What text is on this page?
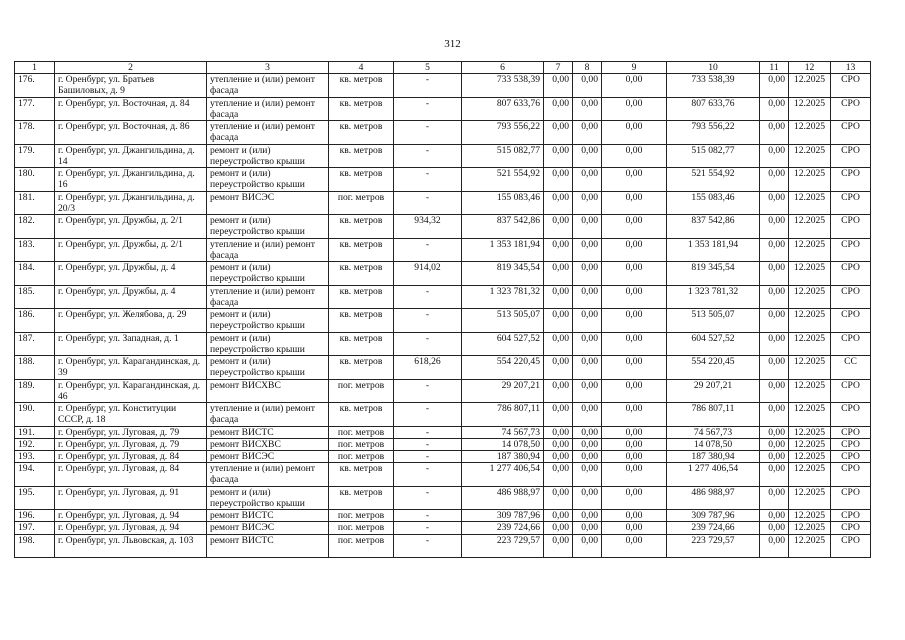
312
1	2	3	4	5	6	7	8	9	10	11	12	13
176.	г. Оренбург, ул. Братьев Башиловых, д. 9	утепление и (или) ремонт фасада	кв. метров	-	733 538,39	0,00	0,00	0,00	733 538,39	0,00	12.2025	СРО
177.	г. Оренбург, ул. Восточная, д. 84	утепление и (или) ремонт фасада	кв. метров	-	807 633,76	0,00	0,00	0,00	807 633,76	0,00	12.2025	СРО
178.	г. Оренбург, ул. Восточная, д. 86	утепление и (или) ремонт фасада	кв. метров	-	793 556,22	0,00	0,00	0,00	793 556,22	0,00	12.2025	СРО
179.	г. Оренбург, ул. Джангильдина, д. 14	ремонт и (или) переустройство крыши	кв. метров	-	515 082,77	0,00	0,00	0,00	515 082,77	0,00	12.2025	СРО
180.	г. Оренбург, ул. Джангильдина, д. 16	ремонт и (или) переустройство крыши	кв. метров	-	521 554,92	0,00	0,00	0,00	521 554,92	0,00	12.2025	СРО
181.	г. Оренбург, ул. Джангильдина, д. 20/3	ремонт ВИСЭС	пог. метров	-	155 083,46	0,00	0,00	0,00	155 083,46	0,00	12.2025	СРО
182.	г. Оренбург, ул. Дружбы, д. 2/1	ремонт и (или) переустройство крыши	кв. метров	934,32	837 542,86	0,00	0,00	0,00	837 542,86	0,00	12.2025	СРО
183.	г. Оренбург, ул. Дружбы, д. 2/1	утепление и (или) ремонт фасада	кв. метров	-	1 353 181,94	0,00	0,00	0,00	1 353 181,94	0,00	12.2025	СРО
184.	г. Оренбург, ул. Дружбы, д. 4	ремонт и (или) переустройство крыши	кв. метров	914,02	819 345,54	0,00	0,00	0,00	819 345,54	0,00	12.2025	СРО
185.	г. Оренбург, ул. Дружбы, д. 4	утепление и (или) ремонт фасада	кв. метров	-	1 323 781,32	0,00	0,00	0,00	1 323 781,32	0,00	12.2025	СРО
186.	г. Оренбург, ул. Желябова, д. 29	ремонт и (или) переустройство крыши	кв. метров	-	513 505,07	0,00	0,00	0,00	513 505,07	0,00	12.2025	СРО
187.	г. Оренбург, ул. Западная, д. 1	ремонт и (или) переустройство крыши	кв. метров	-	604 527,52	0,00	0,00	0,00	604 527,52	0,00	12.2025	СРО
188.	г. Оренбург, ул. Карагандинская, д. 39	ремонт и (или) переустройство крыши	кв. метров	618,26	554 220,45	0,00	0,00	0,00	554 220,45	0,00	12.2025	СС
189.	г. Оренбург, ул. Карагандинская, д. 46	ремонт ВИСХВС	пог. метров	-	29 207,21	0,00	0,00	0,00	29 207,21	0,00	12.2025	СРО
190.	г. Оренбург, ул. Конституции СССР, д. 18	утепление и (или) ремонт фасада	кв. метров	-	786 807,11	0,00	0,00	0,00	786 807,11	0,00	12.2025	СРО
191.	г. Оренбург, ул. Луговая, д. 79	ремонт ВИСТС	пог. метров	-	74 567,73	0,00	0,00	0,00	74 567,73	0,00	12.2025	СРО
192.	г. Оренбург, ул. Луговая, д. 79	ремонт ВИСХВС	пог. метров	-	14 078,50	0,00	0,00	0,00	14 078,50	0,00	12.2025	СРО
193.	г. Оренбург, ул. Луговая, д. 84	ремонт ВИСЭС	пог. метров	-	187 380,94	0,00	0,00	0,00	187 380,94	0,00	12.2025	СРО
194.	г. Оренбург, ул. Луговая, д. 84	утепление и (или) ремонт фасада	кв. метров	-	1 277 406,54	0,00	0,00	0,00	1 277 406,54	0,00	12.2025	СРО
195.	г. Оренбург, ул. Луговая, д. 91	ремонт и (или) переустройство крыши	кв. метров	-	486 988,97	0,00	0,00	0,00	486 988,97	0,00	12.2025	СРО
196.	г. Оренбург, ул. Луговая, д. 94	ремонт ВИСТС	пог. метров	-	309 787,96	0,00	0,00	0,00	309 787,96	0,00	12.2025	СРО
197.	г. Оренбург, ул. Луговая, д. 94	ремонт ВИСЭС	пог. метров	-	239 724,66	0,00	0,00	0,00	239 724,66	0,00	12.2025	СРО
198.	г. Оренбург, ул. Львовская, д. 103	ремонт ВИСТС	пог. метров	-	223 729,57	0,00	0,00	0,00	223 729,57	0,00	12.2025	СРО
